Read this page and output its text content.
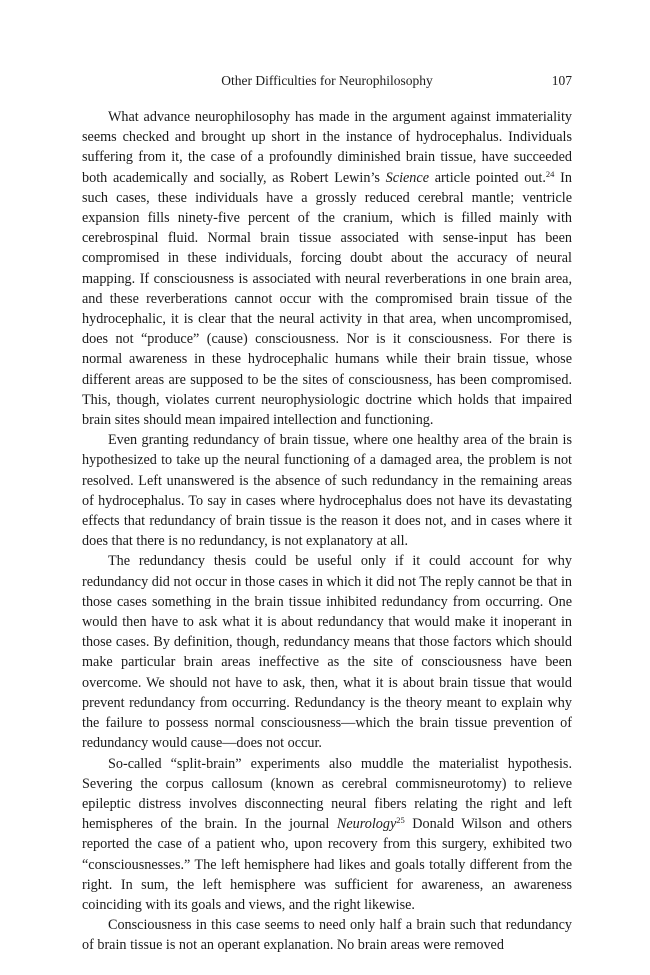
Other Difficulties for Neurophilosophy	107

What advance neurophilosophy has made in the argument against immateriality seems checked and brought up short in the instance of hydrocephalus. Individuals suffering from it, the case of a profoundly diminished brain tissue, have succeeded both academically and socially, as Robert Lewin’s Science article pointed out.$^{24}$ In such cases, these individuals have a grossly reduced cerebral mantle; ventricle expansion fills ninety-five percent of the cranium, which is filled mainly with cerebrospinal fluid. Normal brain tissue associated with sense-input has been compromised in these individuals, forcing doubt about the accuracy of neural mapping. If consciousness is associated with neural reverberations in one brain area, and these reverberations cannot occur with the compromised brain tissue of the hydrocephalic, it is clear that the neural activity in that area, when uncompromised, does not “produce” (cause) consciousness. Nor is it consciousness. For there is normal awareness in these hydrocephalic humans while their brain tissue, whose different areas are supposed to be the sites of consciousness, has been compromised. This, though, violates current neurophysiologic doctrine which holds that impaired brain sites should mean impaired intellection and functioning.

Even granting redundancy of brain tissue, where one healthy area of the brain is hypothesized to take up the neural functioning of a damaged area, the problem is not resolved. Left unanswered is the absence of such redundancy in the remaining areas of hydrocephalus. To say in cases where hydrocephalus does not have its devastating effects that redundancy of brain tissue is the reason it does not, and in cases where it does that there is no redundancy, is not explanatory at all.

The redundancy thesis could be useful only if it could account for why redundancy did not occur in those cases in which it did not The reply cannot be that in those cases something in the brain tissue inhibited redundancy from occurring. One would then have to ask what it is about redundancy that would make it inoperant in those cases. By definition, though, redundancy means that those factors which should make particular brain areas ineffective as the site of consciousness have been overcome. We should not have to ask, then, what it is about brain tissue that would prevent redundancy from occurring. Redundancy is the theory meant to explain why the failure to possess normal consciousness—which the brain tissue prevention of redundancy would cause—does not occur.

So-called “split-brain” experiments also muddle the materialist hypothesis. Severing the corpus callosum (known as cerebral commisneurotomy) to relieve epileptic distress involves disconnecting neural fibers relating the right and left hemispheres of the brain. In the journal Neurology$^{25}$ Donald Wilson and others reported the case of a patient who, upon recovery from this surgery, exhibited two “consciousnesses.” The left hemisphere had likes and goals totally different from the right. In sum, the left hemisphere was sufficient for awareness, an awareness coinciding with its goals and views, and the right likewise.

Consciousness in this case seems to need only half a brain such that redundancy of brain tissue is not an operant explanation. No brain areas were removed
